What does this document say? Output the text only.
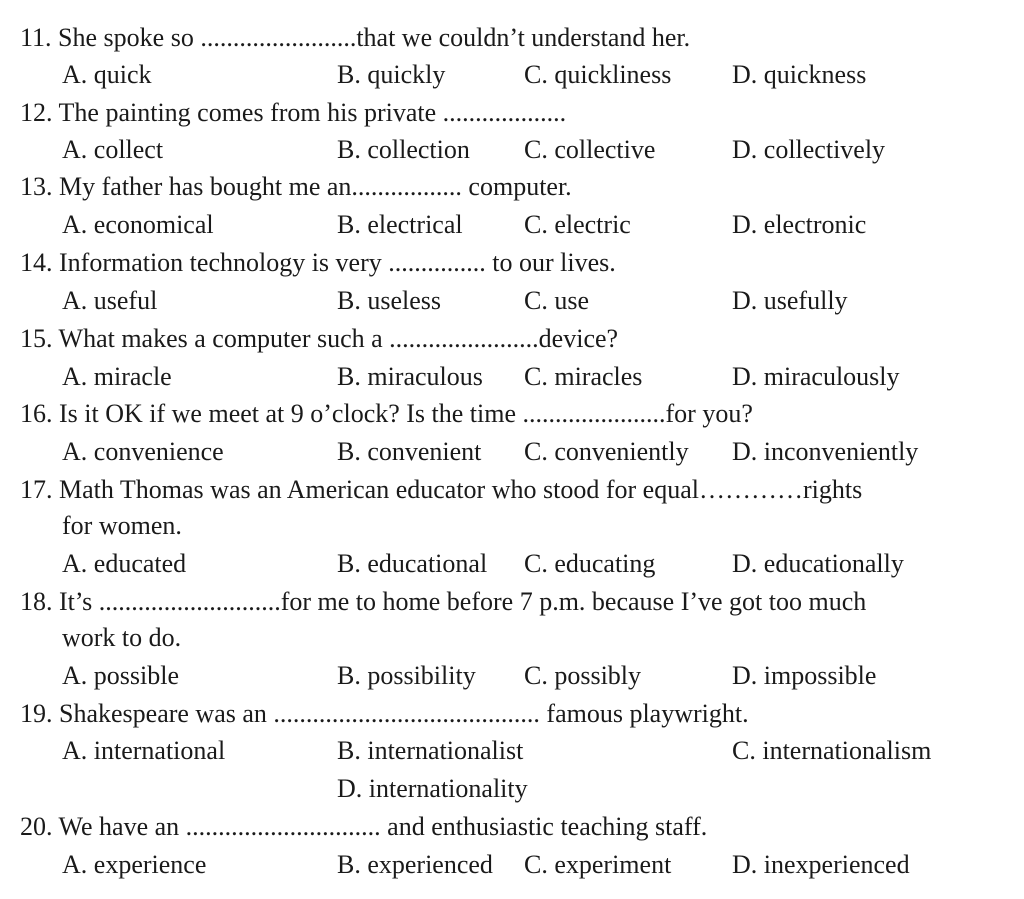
11. She spoke so ........................that we couldn’t understand her.
A. quick	B. quickly	C. quickliness D. quickness
12. The painting comes from his private ...................
A. collect	B. collection C. collective	D. collectively
13. My father has bought me an................. computer.
A. economical	B. electrical C. electric	D. electronic
14. Information technology is very ............... to our lives.
A. useful	B. useless	C. use	D. usefully
15. What makes a computer such a .......................device?
A. miracle	B. miraculous C. miracles	D. miraculously
16. Is it OK if we meet at 9 o’clock? Is the time ......................for you?
A. convenience	B. convenient C. conveniently D. inconveniently
17. Math Thomas was an American educator who stood for equal…………rights
for women.
A. educated	B. educational C. educating	D. educationally
18. It’s ............................for me to home before 7 p.m. because I’ve got too much
work to do.
A. possible	B. possibility C. possibly	D. impossible
19. Shakespeare was an ......................................... famous playwright.
A. international	B. internationalist	C. internationalism
D. internationality
20. We have an .............................. and enthusiastic teaching staff.
A. experience	B. experienced C. experiment D. inexperienced
